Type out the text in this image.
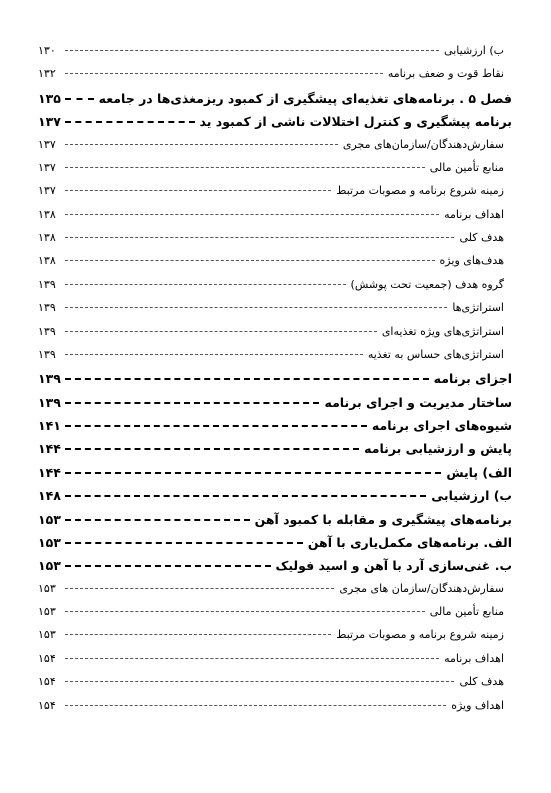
ب) ارزشیابی
۱۳۰
نقاط قوت و ضعف برنامه
۱۳۲
فصل ۵ . برنامه‌های تغذیه‌ای پیشگیری از کمبود ریزمغذی‌ها در جامعه
۱۳۵
برنامه پیشگیری و کنترل اختلالات ناشی از کمبود ید
۱۳۷
سفارش‌دهندگان/سازمان‌های مجری
۱۳۷
منابع تأمین مالی
۱۳۷
زمینه شروع برنامه و مصوبات مرتبط
۱۳۷
اهداف برنامه
۱۳۸
هدف کلی
۱۳۸
هدف‌های ویژه
۱۳۸
گروه هدف (جمعیت تحت پوشش)
۱۳۹
استراتژی‌ها
۱۳۹
استراتژی‌های ویژه تغذیه‌ای
۱۳۹
استراتژی‌های حساس به تغذیه
۱۳۹
اجزای برنامه
۱۳۹
ساختار مدیریت و اجرای برنامه
۱۳۹
شیوه‌های اجرای برنامه
۱۴۱
پایش و ارزشیابی برنامه
۱۴۴
الف) پایش
۱۴۴
ب) ارزشیابی
۱۴۸
برنامه‌های پیشگیری و مقابله با کمبود آهن
۱۵۳
الف. برنامه‌های مکمل‌یاری با آهن
۱۵۳
ب. غنی‌سازی آرد با آهن و اسید فولیک
۱۵۳
سفارش‌دهندگان/سازمان های مجری
۱۵۳
منابع تأمین مالی
۱۵۳
زمینه شروع برنامه و مصوبات مرتبط
۱۵۳
اهداف برنامه
۱۵۴
هدف کلی
۱۵۴
اهداف ویژه
۱۵۴
